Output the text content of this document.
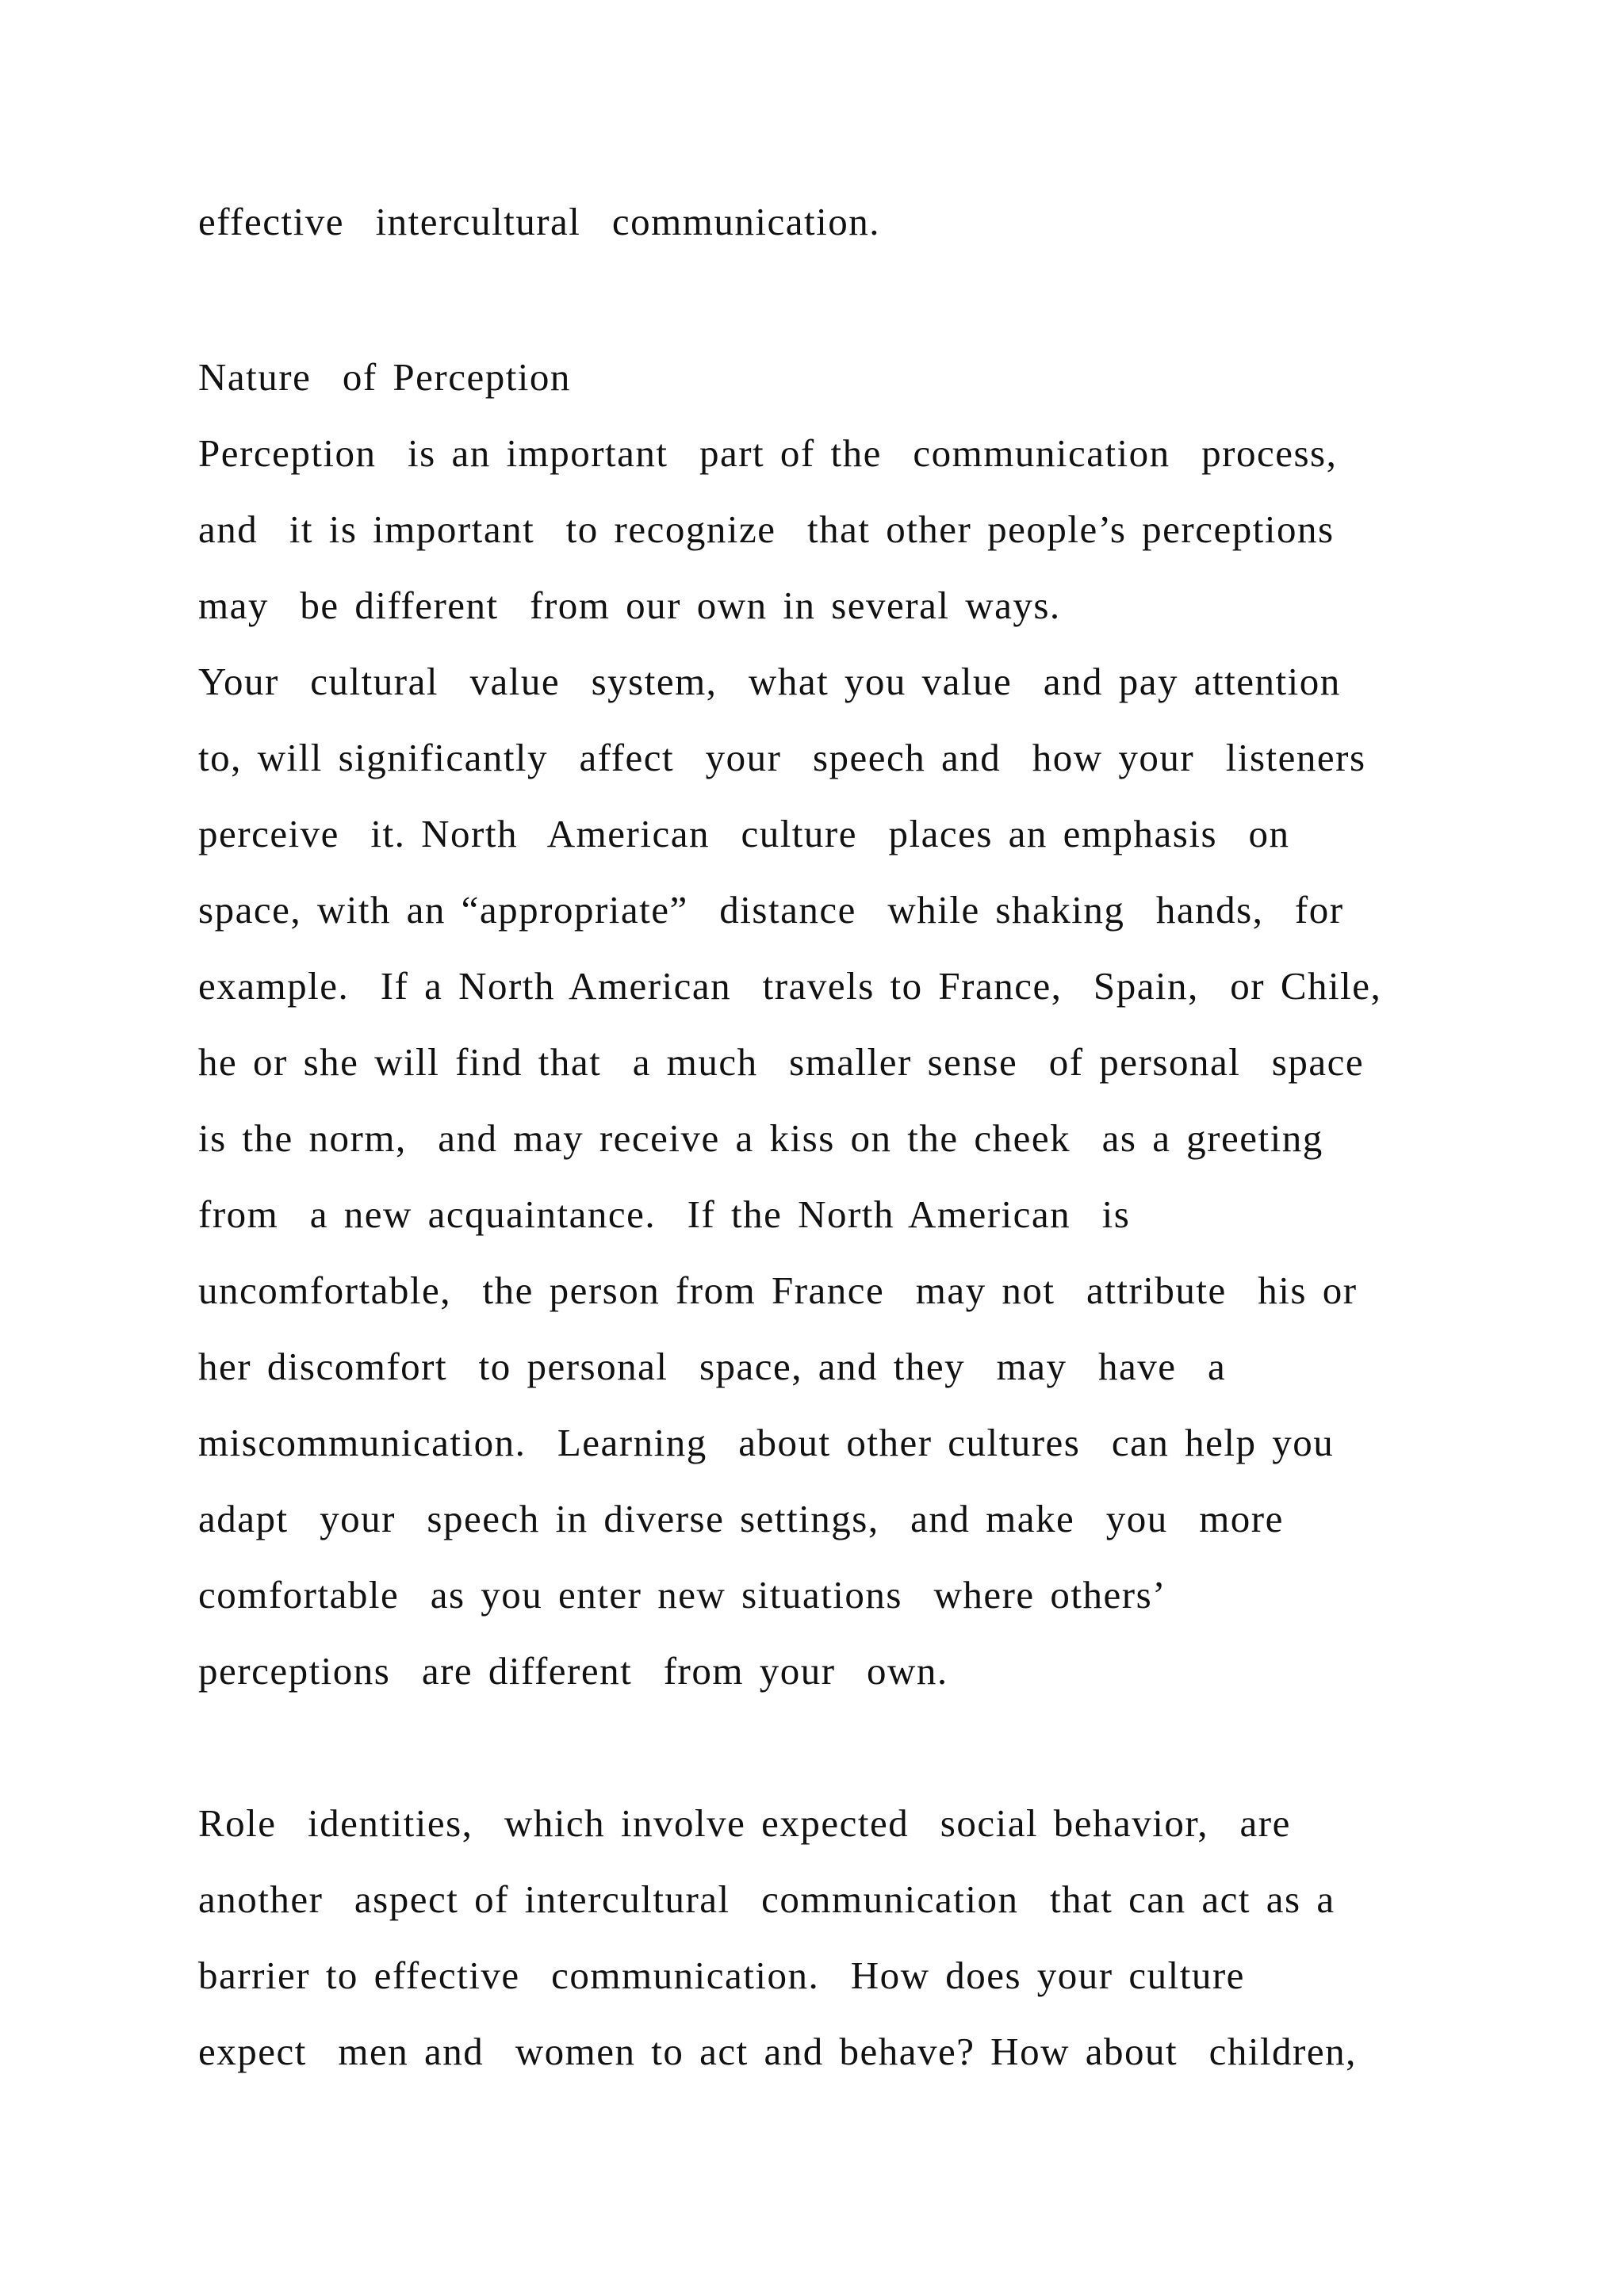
effective  intercultural  communication.
Nature  of Perception
Perception  is an important  part of the  communication  process,
and  it is important  to recognize  that other people’s perceptions
may  be different  from our own in several ways.
Your  cultural  value  system,  what you value  and pay attention
to, will significantly  affect  your  speech and  how your  listeners
perceive  it. North  American  culture  places an emphasis  on
space, with an “appropriate”  distance  while shaking  hands,  for
example.  If a North American  travels to France,  Spain,  or Chile,
he or she will find that  a much  smaller sense  of personal  space
is the norm,  and may receive a kiss on the cheek  as a greeting
from  a new acquaintance.  If the North American  is
uncomfortable,  the person from France  may not  attribute  his or
her discomfort  to personal  space, and they  may  have  a
miscommunication.  Learning  about other cultures  can help you
adapt  your  speech in diverse settings,  and make  you  more
comfortable  as you enter new situations  where others’
perceptions  are different  from your  own.
Role  identities,  which involve expected  social behavior,  are
another  aspect of intercultural  communication  that can act as a
barrier to effective  communication.  How does your culture
expect  men and  women to act and behave? How about  children,
